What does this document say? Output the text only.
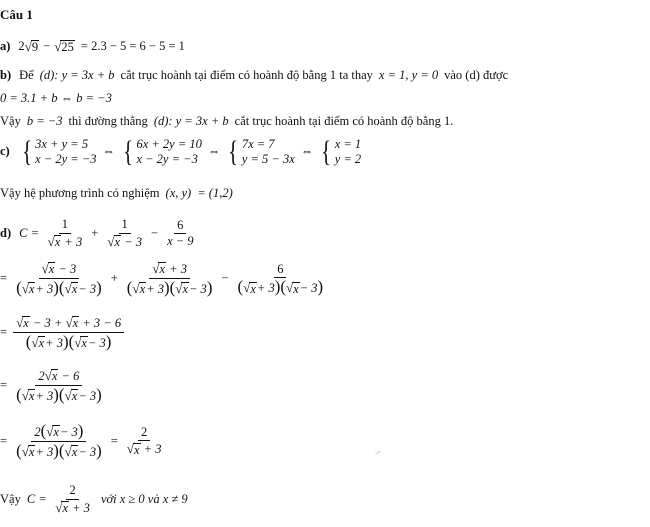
Câu 1
a) 2 √ 9 − √ 25 = 2.3 − 5 = 6 − 5 = 1
b) Để (d) : y = 3x + b cắt trục hoành tại điểm có hoành độ bằng 1 ta thay x = 1, y = 0 vào (d) được
0 = 3.1 + b ⇔ b = −3
Vậy b = −3 thì đường thẳng (d) : y = 3x + b cắt trục hoành tại điểm có hoành độ bằng 1.
c) { 3x + y = 5
x − 2y = −3
⇔ { 6x + 2y = 10
x − 2y = −3
⇔ { 7x = 7
y = 5 − 3x
⇔ { x = 1
y = 2
Vậy hệ phương trình có nghiệm (x, y) = (1,2)
d) $C = \frac{1}{√ x + 3} + \frac{1}{√ x - 3} - \frac{6}{x - 9}$
= $\frac{√ x - 3}{( √ x + 3)( √ x - 3)} + \frac{√ x + 3}{( √ x + 3)( √ x - 3)} - \frac{6}{( √ x + 3)( √ x - 3)}$
= $\frac{√ x - 3 + √ x + 3 - 6}{( √ x + 3)( √ x - 3)}$
= $\frac{2 √ x - 6}{( √ x + 3)( √ x - 3)}$
= $\frac{2( √ x - 3)}{( √ x + 3)( √ x - 3)} = \frac{2}{√ x + 3}$
Vậy $C = \frac{2}{√ x + 3}$ với x ≥ 0 và x ≠ 9
